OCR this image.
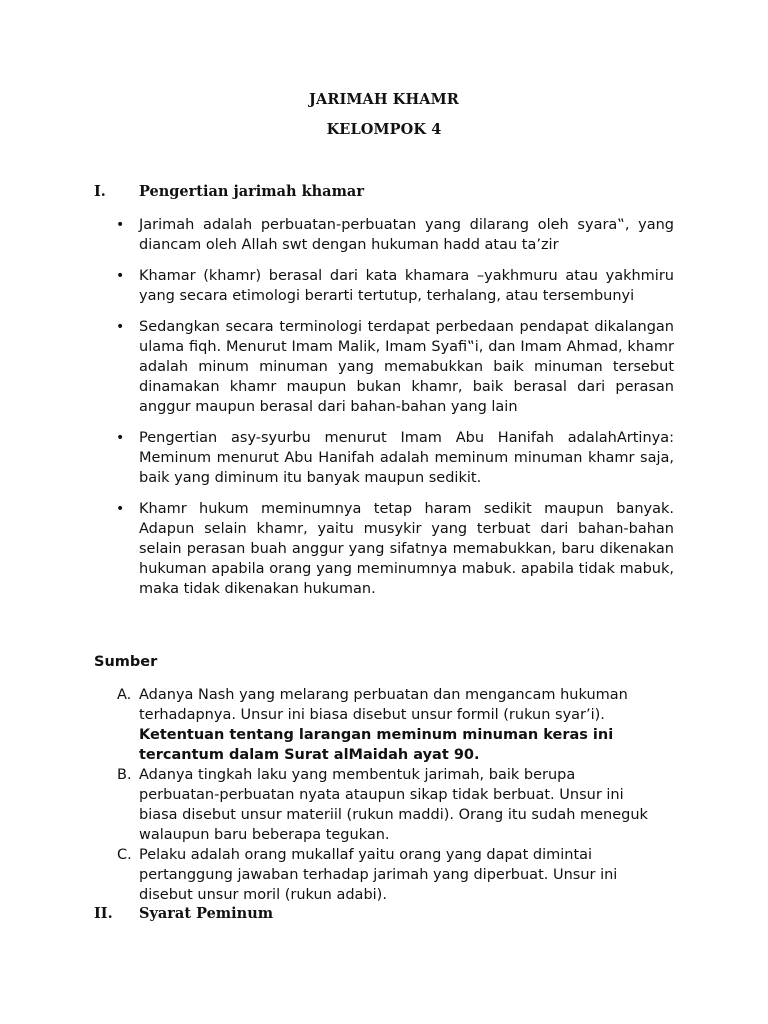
JARIMAH KHAMR
KELOMPOK 4
I. Pengertian jarimah khamar
• Jarimah adalah perbuatan-perbuatan yang dilarang oleh syara‟, yang diancam oleh Allah swt dengan hukuman hadd atau ta’zir
• Khamar (khamr) berasal dari kata khamara –yakhmuru atau yakhmiru yang secara etimologi berarti tertutup, terhalang, atau tersembunyi
• Sedangkan secara terminologi terdapat perbedaan pendapat dikalangan ulama fiqh. Menurut Imam Malik, Imam Syafi‟i, dan Imam Ahmad, khamr adalah minum minuman yang memabukkan baik minuman tersebut dinamakan khamr maupun bukan khamr, baik berasal dari perasan anggur maupun berasal dari bahan-bahan yang lain
• Pengertian asy-syurbu menurut Imam Abu Hanifah adalahArtinya: Meminum menurut Abu Hanifah adalah meminum minuman khamr saja, baik yang diminum itu banyak maupun sedikit.
• Khamr hukum meminumnya tetap haram sedikit maupun banyak. Adapun selain khamr, yaitu musykir yang terbuat dari bahan-bahan selain perasan buah anggur yang sifatnya memabukkan, baru dikenakan hukuman apabila orang yang meminumnya mabuk. apabila tidak mabuk, maka tidak dikenakan hukuman.
Sumber
A. Adanya Nash yang melarang perbuatan dan mengancam hukuman terhadapnya. Unsur ini biasa disebut unsur formil (rukun syar’i). Ketentuan tentang larangan meminum minuman keras ini tercantum dalam Surat alMaidah ayat 90.
B. Adanya tingkah laku yang membentuk jarimah, baik berupa perbuatan-perbuatan nyata ataupun sikap tidak berbuat. Unsur ini biasa disebut unsur materiil (rukun maddi). Orang itu sudah meneguk walaupun baru beberapa tegukan.
C. Pelaku adalah orang mukallaf yaitu orang yang dapat dimintai pertanggung jawaban terhadap jarimah yang diperbuat. Unsur ini disebut unsur moril (rukun adabi).
II. Syarat Peminum
